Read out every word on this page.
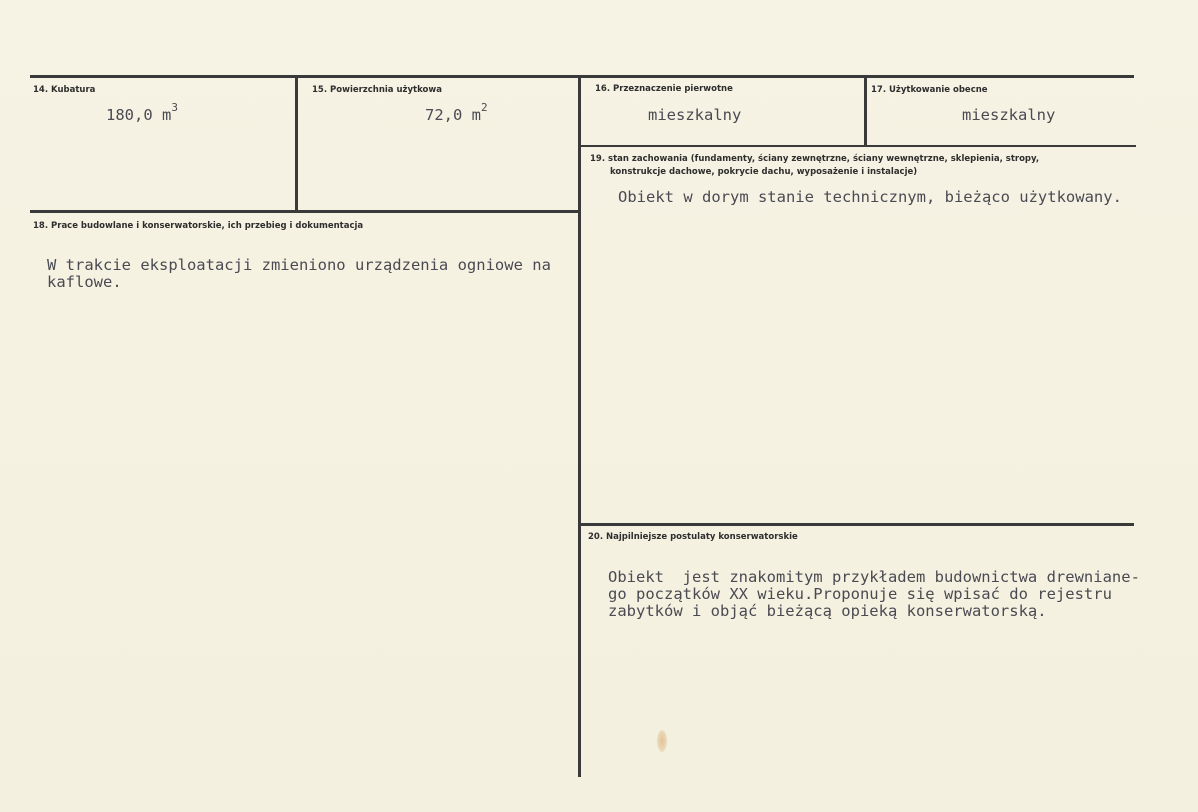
14. Kubatura
180,0 $m^3$
15. Powierzchnia użytkowa
72,0 $m^2$
16. Przeznaczenie pierwotne
mieszkalny
17. Użytkowanie obecne
mieszkalny
18. Prace budowlane i konserwatorskie, ich przebieg i dokumentacja
W trakcie eksploatacji zmieniono urządzenia ogniowe na
kaflowe.
19. stan zachowania (fundamenty, ściany zewnętrzne, ściany wewnętrzne, sklepienia, stropy,
konstrukcje dachowe, pokrycie dachu, wyposażenie i instalacje)
Obiekt w dorym stanie technicznym, bieżąco użytkowany.
20. Najpilniejsze postulaty konserwatorskie
Obiekt  jest znakomitym przykładem budownictwa drewniane-
go początków XX wieku.Proponuje się wpisać do rejestru
zabytków i objąć bieżącą opieką konserwatorską.
